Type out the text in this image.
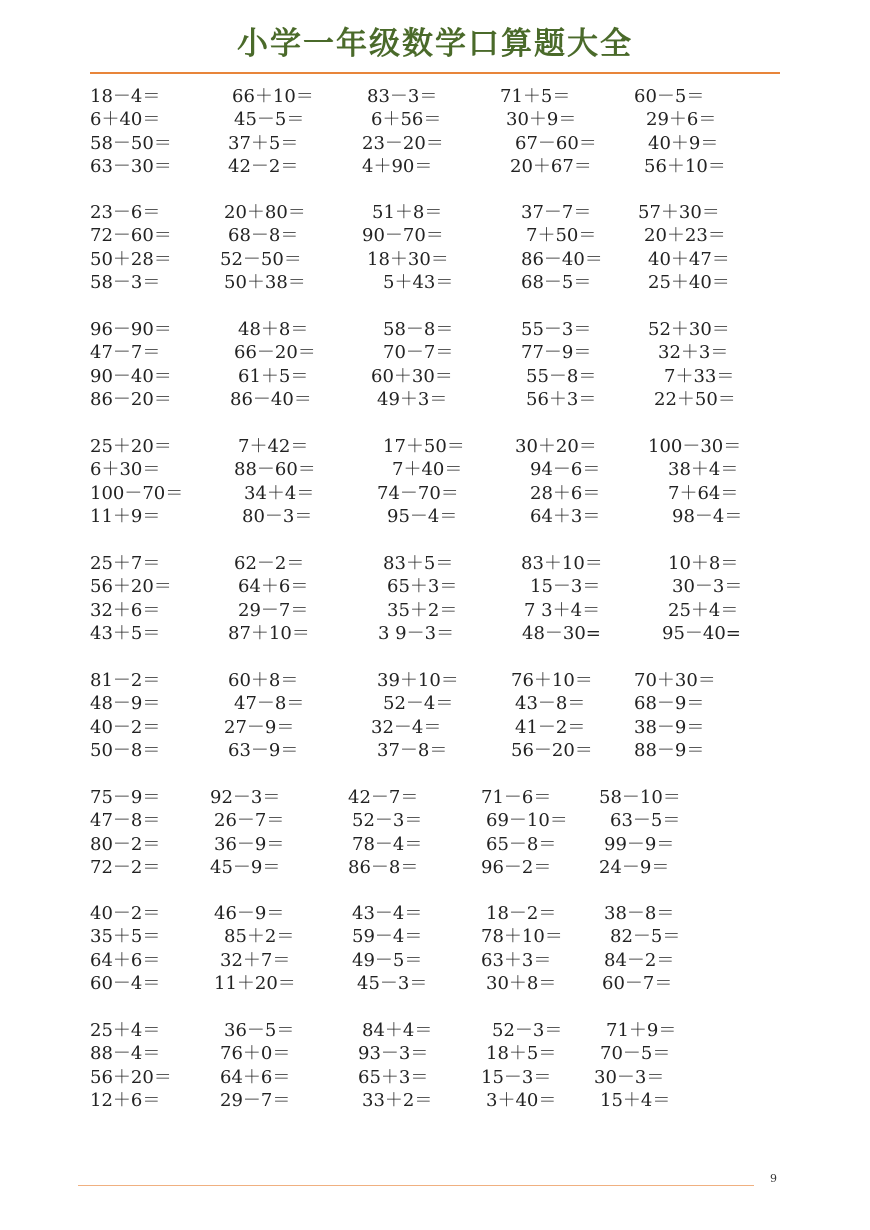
小学一年级数学口算题大全
18－4＝	66＋10＝	83－3＝	71＋5＝	60－5＝
6＋40＝	45－5＝	6＋56＝	30＋9＝	29＋6＝
58－50＝	37＋5＝	23－20＝	67－60＝	40＋9＝
63－30＝	42－2＝	4＋90＝	20＋67＝	56＋10＝
23－6＝	20＋80＝	51＋8＝	37－7＝	57＋30＝
72－60＝	68－8＝	90－70＝	7＋50＝	20＋23＝
50＋28＝	52－50＝	18＋30＝	86－40＝	40＋47＝
58－3＝	50＋38＝	5＋43＝	68－5＝	25＋40＝
96－90＝	48＋8＝	58－8＝	55－3＝	52＋30＝
47－7＝	66－20＝	70－7＝	77－9＝	32＋3＝
90－40＝	61＋5＝	60＋30＝	55－8＝	7＋33＝
86－20＝	86－40＝	49＋3＝	56＋3＝	22＋50＝
25＋20＝	7＋42＝	17＋50＝	30＋20＝	100－30＝
6＋30＝	88－60＝	7＋40＝	94－6＝	38＋4＝
100－70＝	34＋4＝	74－70＝	28＋6＝	7＋64＝
11＋9＝	80－3＝	95－4＝	64＋3＝	98－4＝
25＋7＝	62－2＝	83＋5＝	83＋10＝	10＋8＝
56＋20＝	64＋6＝	65＋3＝	15－3＝	30－3＝
32＋6＝	29－7＝	35＋2＝	7 3＋4＝	25＋4＝
43＋5＝	87＋10＝	3 9－3＝	48－30=	95－40=
81－2＝	60＋8＝	39＋10＝	76＋10＝ 70＋30＝
48－9＝	47－8＝	52－4＝	43－8＝	68－9＝
40－2＝	27－9＝	32－4＝	41－2＝	38－9＝
50－8＝	63－9＝	37－8＝	56－20＝ 88－9＝
75－9＝	92－3＝	42－7＝	71－6＝	58－10＝
47－8＝	26－7＝	52－3＝	69－10＝ 63－5＝
80－2＝	36－9＝	78－4＝	65－8＝	99－9＝
72－2＝	45－9＝	86－8＝	96－2＝	24－9＝
40－2＝	46－9＝	43－4＝	18－2＝	38－8＝
35＋5＝	85＋2＝	59－4＝	78＋10＝	82－5＝
64＋6＝	32＋7＝	49－5＝	63＋3＝	84－2＝
60－4＝	11＋20＝	45－3＝	30＋8＝	60－7＝
25＋4＝	36－5＝	84＋4＝	52－3＝ 71＋9＝
88－4＝	76＋0＝	93－3＝	18＋5＝ 70－5＝
56＋20＝	64＋6＝	65＋3＝	15－3＝ 30－3＝
12＋6＝	29－7＝	33＋2＝	3＋40＝ 15＋4＝
9
